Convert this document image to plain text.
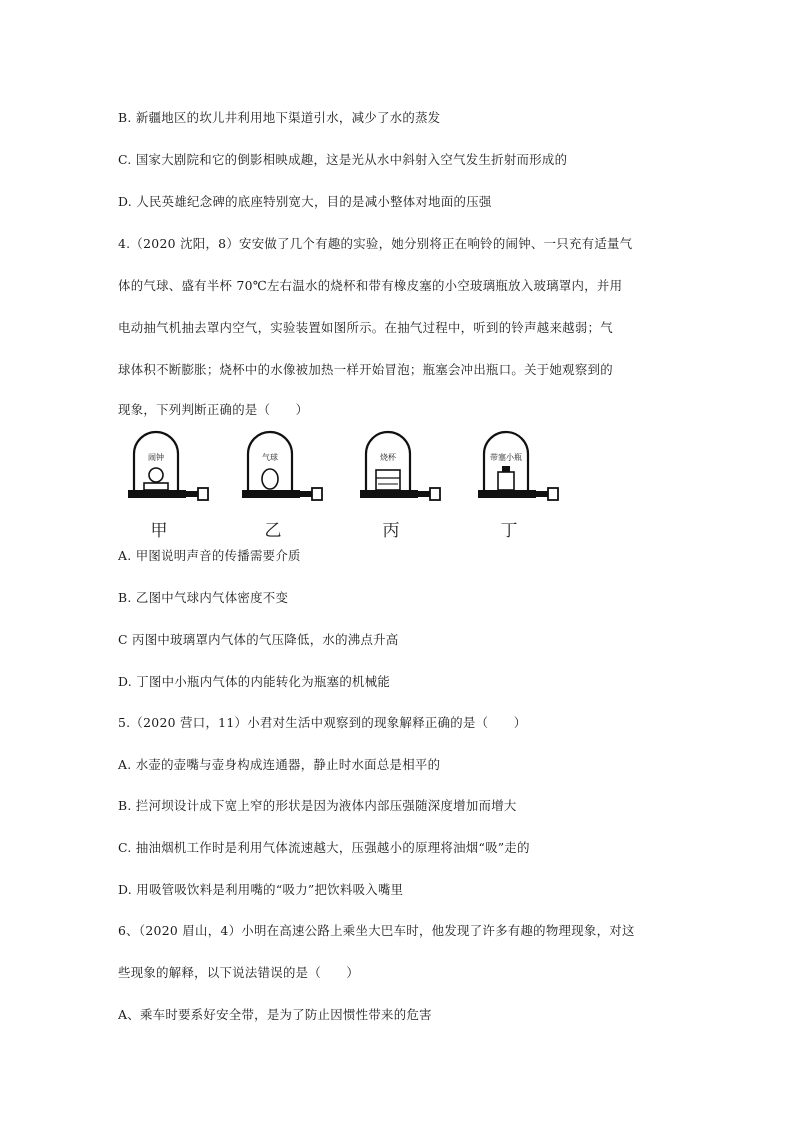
B. 新疆地区的坎儿井利用地下渠道引水，减少了水的蒸发
C. 国家大剧院和它的倒影相映成趣，这是光从水中斜射入空气发生折射而形成的
D. 人民英雄纪念碑的底座特别宽大，目的是减小整体对地面的压强
4.（2020 沈阳，8）安安做了几个有趣的实验，她分别将正在响铃的闹钟、一只充有适量气
体的气球、盛有半杯 70℃左右温水的烧杯和带有橡皮塞的小空玻璃瓶放入玻璃罩内，并用
电动抽气机抽去罩内空气，实验装置如图所示。在抽气过程中，听到的铃声越来越弱；气
球体积不断膨胀；烧杯中的水像被加热一样开始冒泡；瓶塞会冲出瓶口。关于她观察到的
现象，下列判断正确的是（　　）
闹钟
甲
气球
乙
烧杯
丙
带塞小瓶
丁
A. 甲图说明声音的传播需要介质
B. 乙图中气球内气体密度不变
C 丙图中玻璃罩内气体的气压降低，水的沸点升高
D. 丁图中小瓶内气体的内能转化为瓶塞的机械能
5.（2020 营口，11）小君对生活中观察到的现象解释正确的是（　　）
A. 水壶的壶嘴与壶身构成连通器，静止时水面总是相平的
B. 拦河坝设计成下宽上窄的形状是因为液体内部压强随深度增加而增大
C. 抽油烟机工作时是利用气体流速越大，压强越小的原理将油烟“吸”走的
D. 用吸管吸饮料是利用嘴的“吸力”把饮料吸入嘴里
6、（2020 眉山，4）小明在高速公路上乘坐大巴车时，他发现了许多有趣的物理现象，对这
些现象的解释，以下说法错误的是（　　）
A、乘车时要系好安全带，是为了防止因惯性带来的危害
